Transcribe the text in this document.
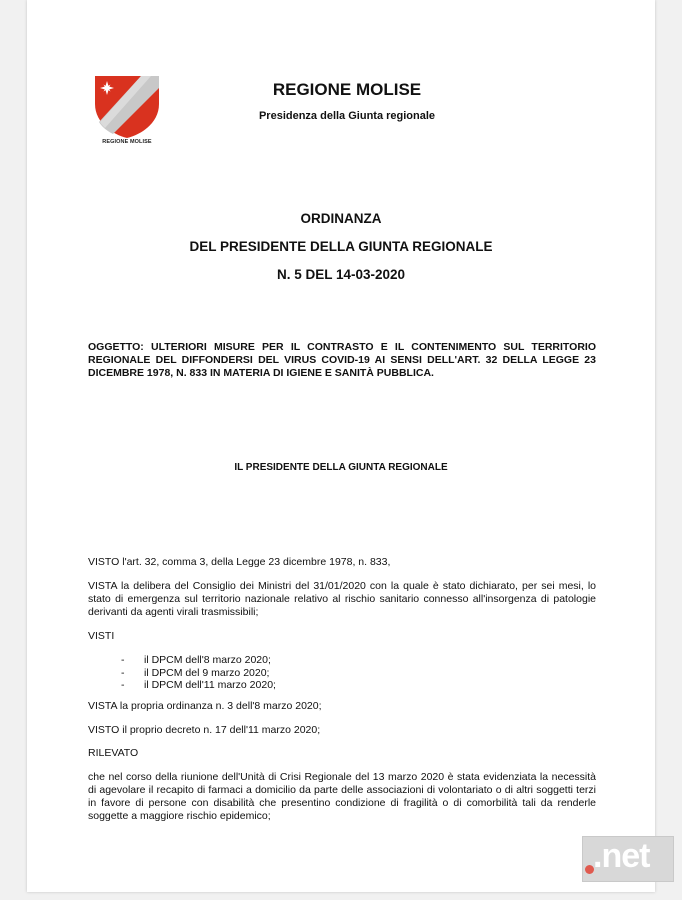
REGIONE MOLISE
REGIONE MOLISE
Presidenza della Giunta regionale
ORDINANZA
DEL PRESIDENTE DELLA GIUNTA REGIONALE
N. 5 DEL 14-03-2020
OGGETTO: ULTERIORI MISURE PER IL CONTRASTO E IL CONTENIMENTO SUL TERRITORIO REGIONALE DEL DIFFONDERSI DEL VIRUS COVID-19 AI SENSI DELL'ART. 32 DELLA LEGGE 23 DICEMBRE 1978, N. 833 IN MATERIA DI IGIENE E SANITÀ PUBBLICA.
IL PRESIDENTE DELLA GIUNTA REGIONALE
VISTO l'art. 32, comma 3, della Legge 23 dicembre 1978, n. 833,
VISTA la delibera del Consiglio dei Ministri del 31/01/2020 con la quale è stato dichiarato, per sei mesi, lo stato di emergenza sul territorio nazionale relativo al rischio sanitario connesso all'insorgenza di patologie derivanti da agenti virali trasmissibili;
VISTI
-	il DPCM dell'8 marzo 2020;
-	il DPCM del 9 marzo 2020;
-	il DPCM dell'11 marzo 2020;
VISTA la propria ordinanza n. 3 dell'8 marzo 2020;
VISTO il proprio decreto n. 17 dell'11 marzo 2020;
RILEVATO
che nel corso della riunione dell'Unità di Crisi Regionale del 13 marzo 2020 è stata evidenziata la necessità di agevolare il recapito di farmaci a domicilio da parte delle associazioni di volontariato o di altri soggetti terzi in favore di persone con disabilità che presentino condizione di fragilità o di comorbilità tali da renderle soggette a maggiore rischio epidemico;
.net
